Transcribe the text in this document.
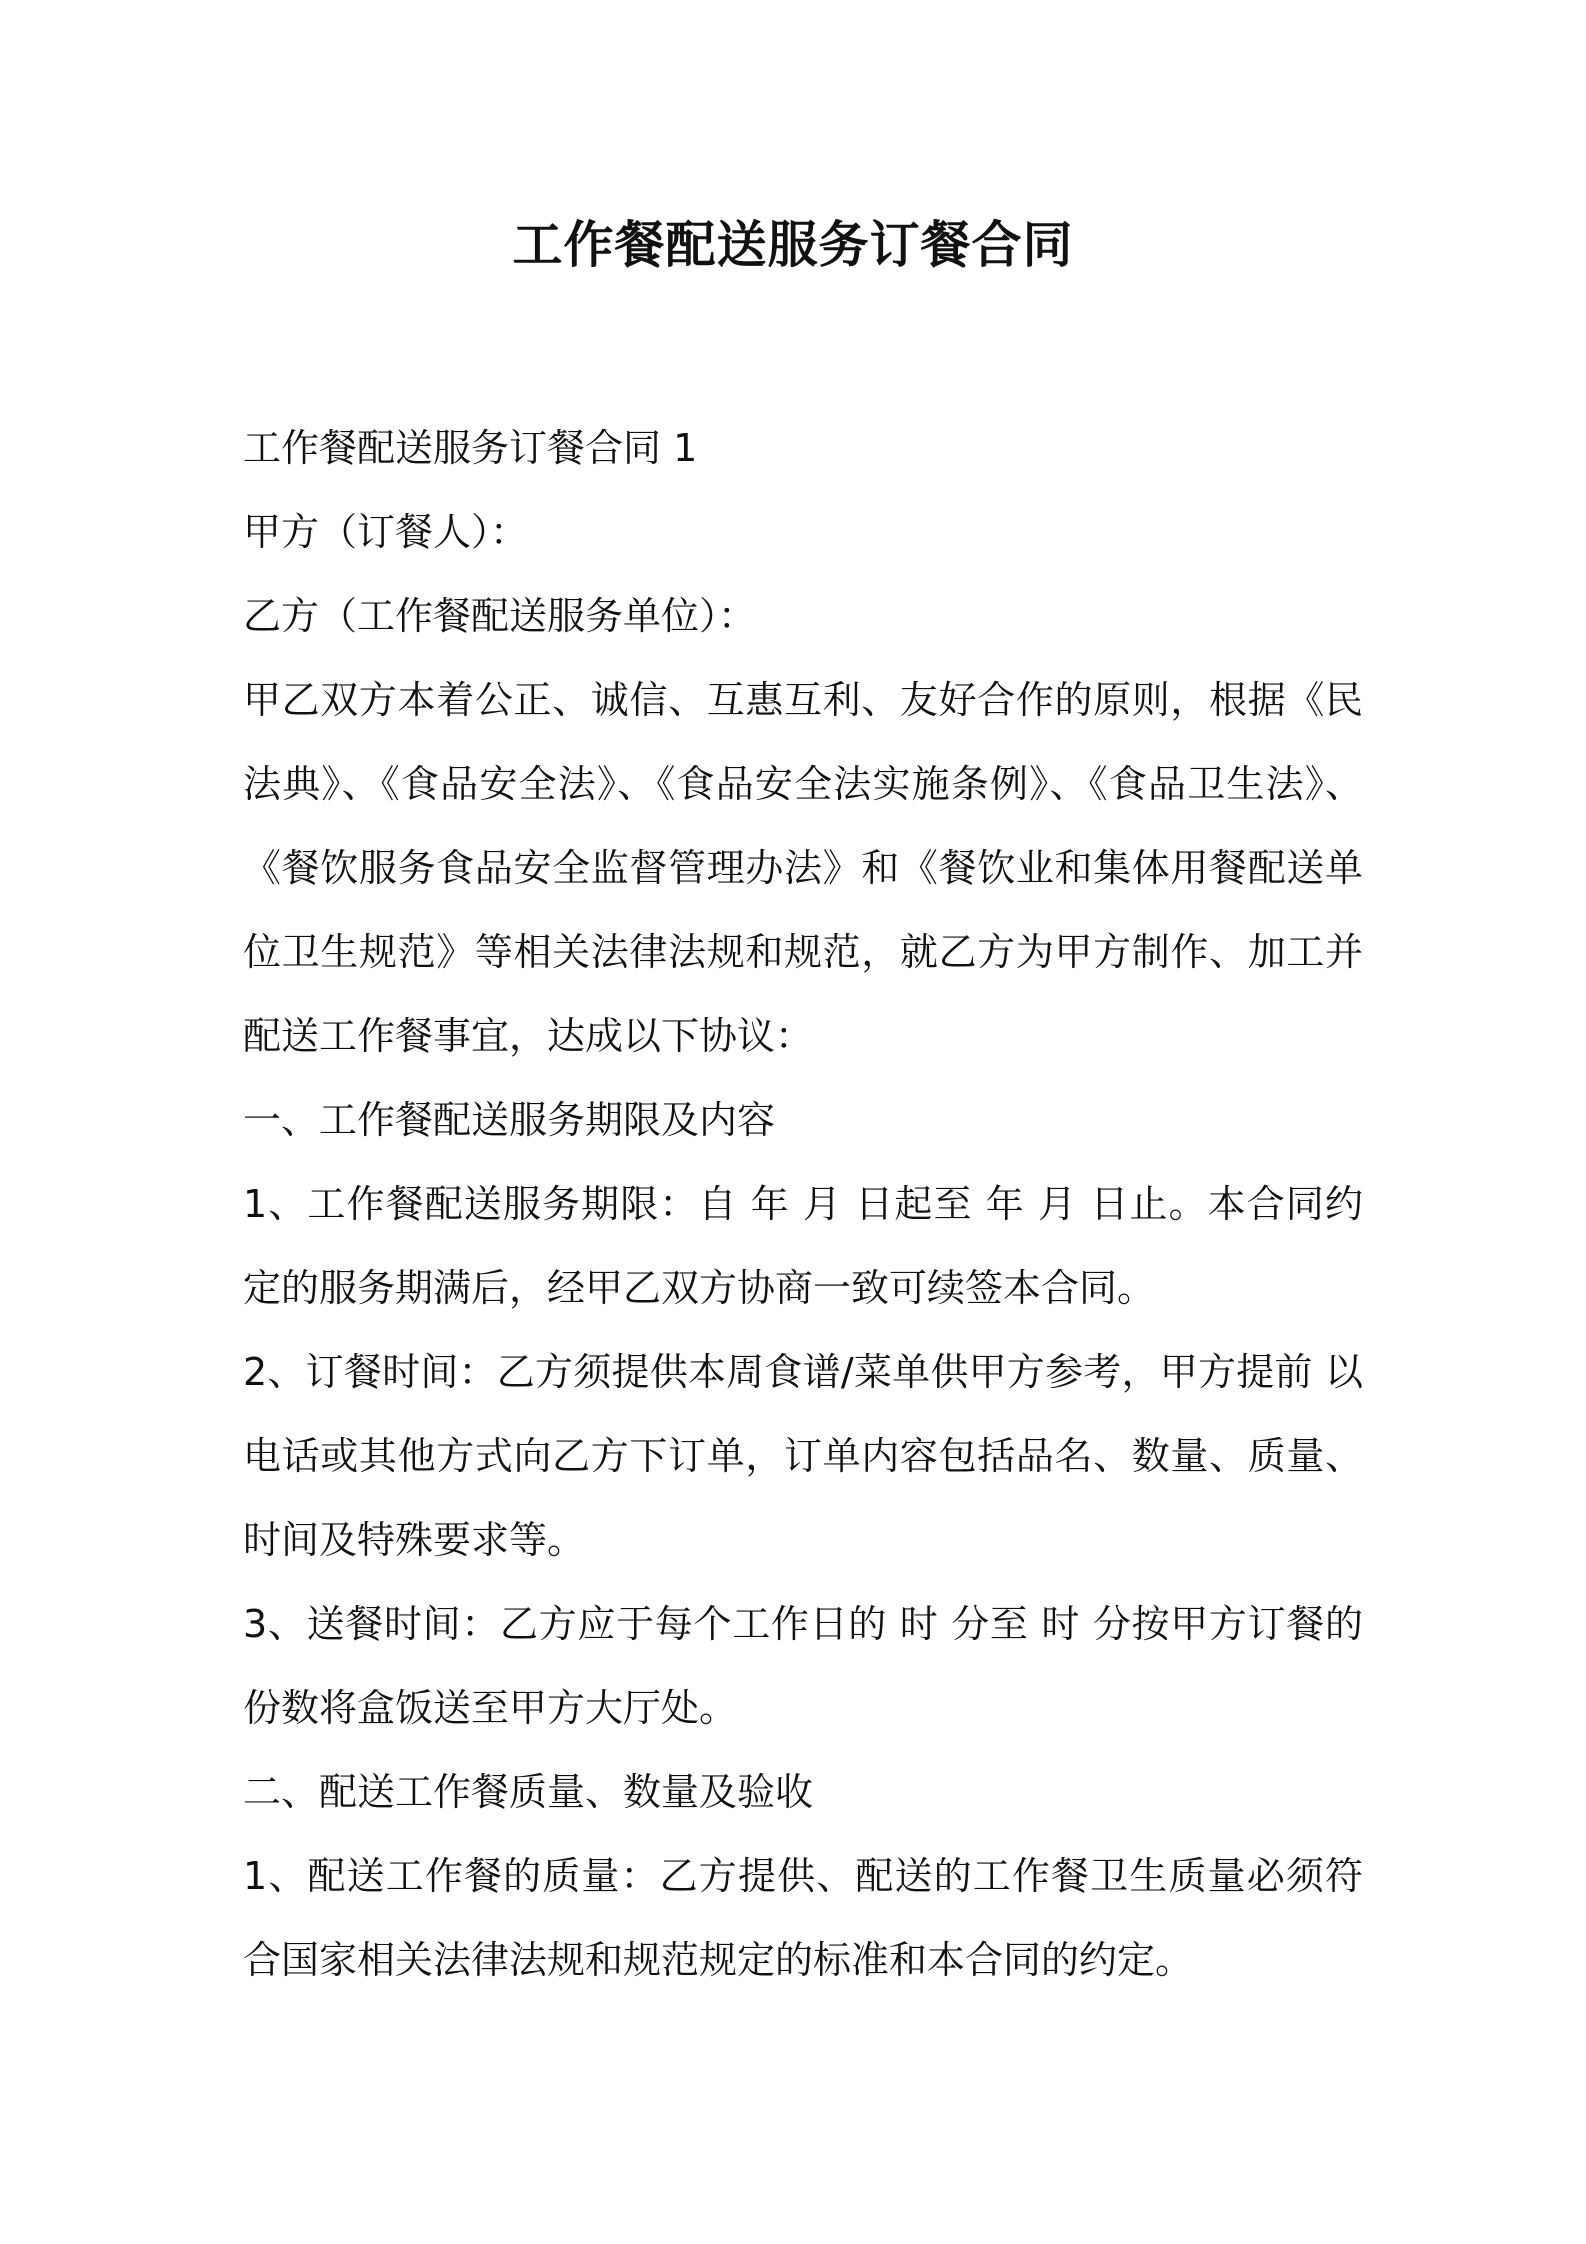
工作餐配送服务订餐合同

工作餐配送服务订餐合同 1

甲方（订餐人）：

乙方（工作餐配送服务单位）：

甲乙双方本着公正、诚信、互惠互利、友好合作的原则，根据《民法典》、《食品安全法》、《食品安全法实施条例》、《食品卫生法》、《餐饮服务食品安全监督管理办法》和《餐饮业和集体用餐配送单位卫生规范》等相关法律法规和规范，就乙方为甲方制作、加工并配送工作餐事宜，达成以下协议：

一、工作餐配送服务期限及内容

1、工作餐配送服务期限：自 年 月 日起至 年 月 日止。本合同约定的服务期满后，经甲乙双方协商一致可续签本合同。

2、订餐时间：乙方须提供本周食谱/菜单供甲方参考，甲方提前 以电话或其他方式向乙方下订单，订单内容包括品名、数量、质量、时间及特殊要求等。

3、送餐时间：乙方应于每个工作日的 时 分至 时 分按甲方订餐的份数将盒饭送至甲方大厅处。

二、配送工作餐质量、数量及验收

1、配送工作餐的质量：乙方提供、配送的工作餐卫生质量必须符合国家相关法律法规和规范规定的标准和本合同的约定。
